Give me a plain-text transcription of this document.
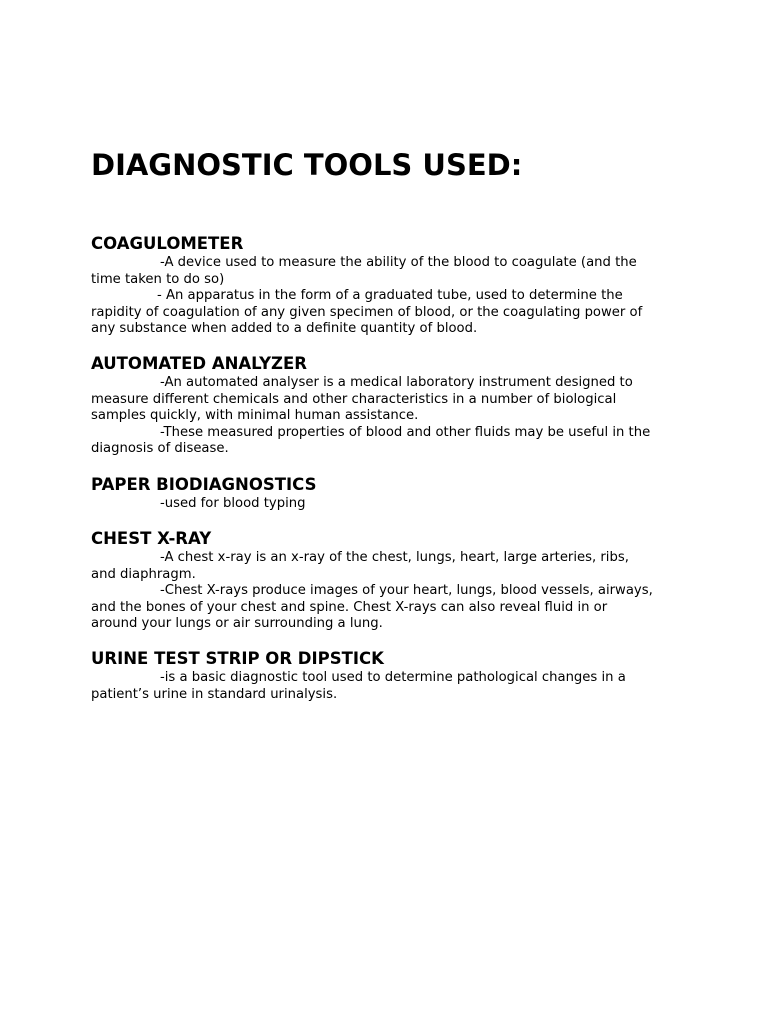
DIAGNOSTIC TOOLS USED:
COAGULOMETER

-A device used to measure the ability of the blood to coagulate (and the

time taken to do so)

- An apparatus in the form of a graduated tube, used to determine the

rapidity of coagulation of any given specimen of blood, or the coagulating power of

any substance when added to a definite quantity of blood.

AUTOMATED ANALYZER

-An automated analyser is a medical laboratory instrument designed to

measure different chemicals and other characteristics in a number of biological

samples quickly, with minimal human assistance.

-These measured properties of blood and other fluids may be useful in the

diagnosis of disease.

PAPER BIODIAGNOSTICS

-used for blood typing

CHEST X-RAY

-A chest x-ray is an x-ray of the chest, lungs, heart, large arteries, ribs,

and diaphragm.

-Chest X-rays produce images of your heart, lungs, blood vessels, airways,

and the bones of your chest and spine. Chest X-rays can also reveal fluid in or

around your lungs or air surrounding a lung.

URINE TEST STRIP OR DIPSTICK

-is a basic diagnostic tool used to determine pathological changes in a

patient’s urine in standard urinalysis.
